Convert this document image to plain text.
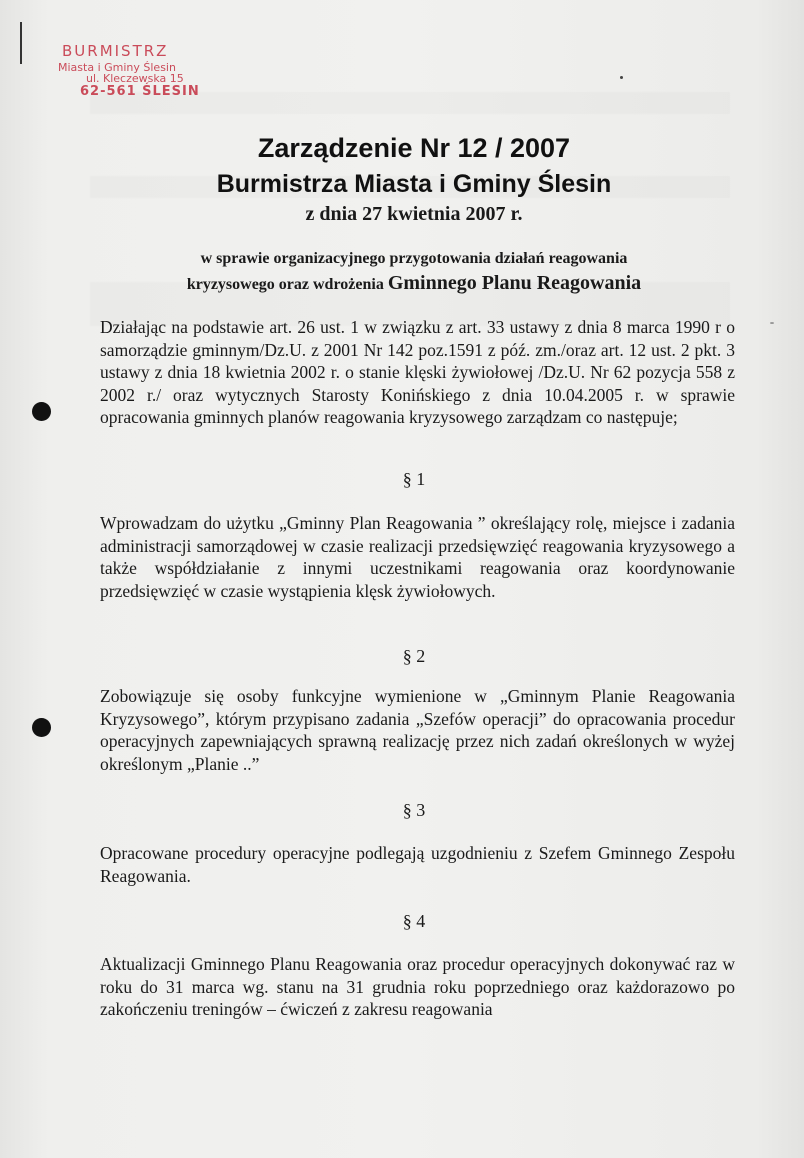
BURMISTRZ
Miasta i Gminy Ślesin
ul. Kleczewska 15
62-561 ŚLESIN
Zarządzenie Nr 12 / 2007
Burmistrza Miasta i Gminy Ślesin
z dnia 27 kwietnia 2007 r.
w sprawie organizacyjnego przygotowania działań reagowania
kryzysowego oraz wdrożenia Gminnego Planu Reagowania

Działając na podstawie art. 26 ust. 1 w związku z art. 33 ustawy z dnia 8 marca 1990 r o samorządzie gminnym/Dz.U. z 2001 Nr 142 poz.1591 z póź. zm./oraz art. 12 ust. 2 pkt. 3 ustawy z dnia 18 kwietnia 2002 r. o stanie klęski żywiołowej /Dz.U. Nr 62 pozycja 558 z 2002 r./ oraz wytycznych Starosty Konińskiego z dnia 10.04.2005 r. w sprawie opracowania gminnych planów reagowania kryzysowego zarządzam co następuje;

§ 1

Wprowadzam do użytku „Gminny Plan Reagowania ” określający rolę, miejsce i zadania administracji samorządowej w czasie realizacji przedsięwzięć reagowania kryzysowego a także współdziałanie z innymi uczestnikami reagowania oraz koordynowanie przedsięwzięć w czasie wystąpienia klęsk żywiołowych.

§ 2

Zobowiązuje się osoby funkcyjne wymienione w „Gminnym Planie Reagowania Kryzysowego”, którym przypisano zadania „Szefów operacji” do opracowania procedur operacyjnych zapewniających sprawną realizację przez nich zadań określonych w wyżej określonym „Planie ..”

§ 3

Opracowane procedury operacyjne podlegają uzgodnieniu z Szefem Gminnego Zespołu Reagowania.

§ 4

Aktualizacji Gminnego Planu Reagowania oraz procedur operacyjnych dokonywać raz w roku do 31 marca wg. stanu na 31 grudnia roku poprzedniego oraz każdorazowo po zakończeniu treningów – ćwiczeń z zakresu reagowania
